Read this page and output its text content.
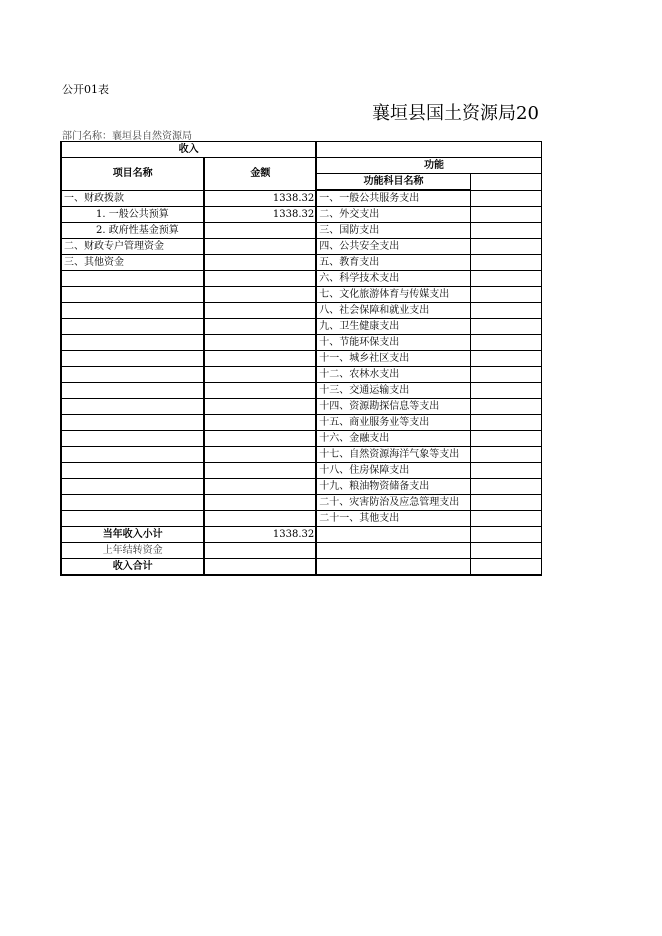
公开01表
襄垣县国土资源局20
部门名称：襄垣县自然资源局
收入			
项目名称	金额	功能	
		功能科目名称	
一、财政拨款	1338.32	一、一般公共服务支出	
1. 一般公共预算	1338.32	二、外交支出	
2. 政府性基金预算		三、国防支出	
二、财政专户管理资金		四、公共安全支出	
三、其他资金		五、教育支出	
		六、科学技术支出	
		七、文化旅游体育与传媒支出	
		八、社会保障和就业支出	
		九、卫生健康支出	
		十、节能环保支出	
		十一、城乡社区支出	
		十二、农林水支出	
		十三、交通运输支出	
		十四、资源勘探信息等支出	
		十五、商业服务业等支出	
		十六、金融支出	
		十七、自然资源海洋气象等支出	
		十八、住房保障支出	
		十九、粮油物资储备支出	
		二十、灾害防治及应急管理支出	
		二十一、其他支出	
当年收入小计	1338.32		
上年结转资金			
收入合计			
